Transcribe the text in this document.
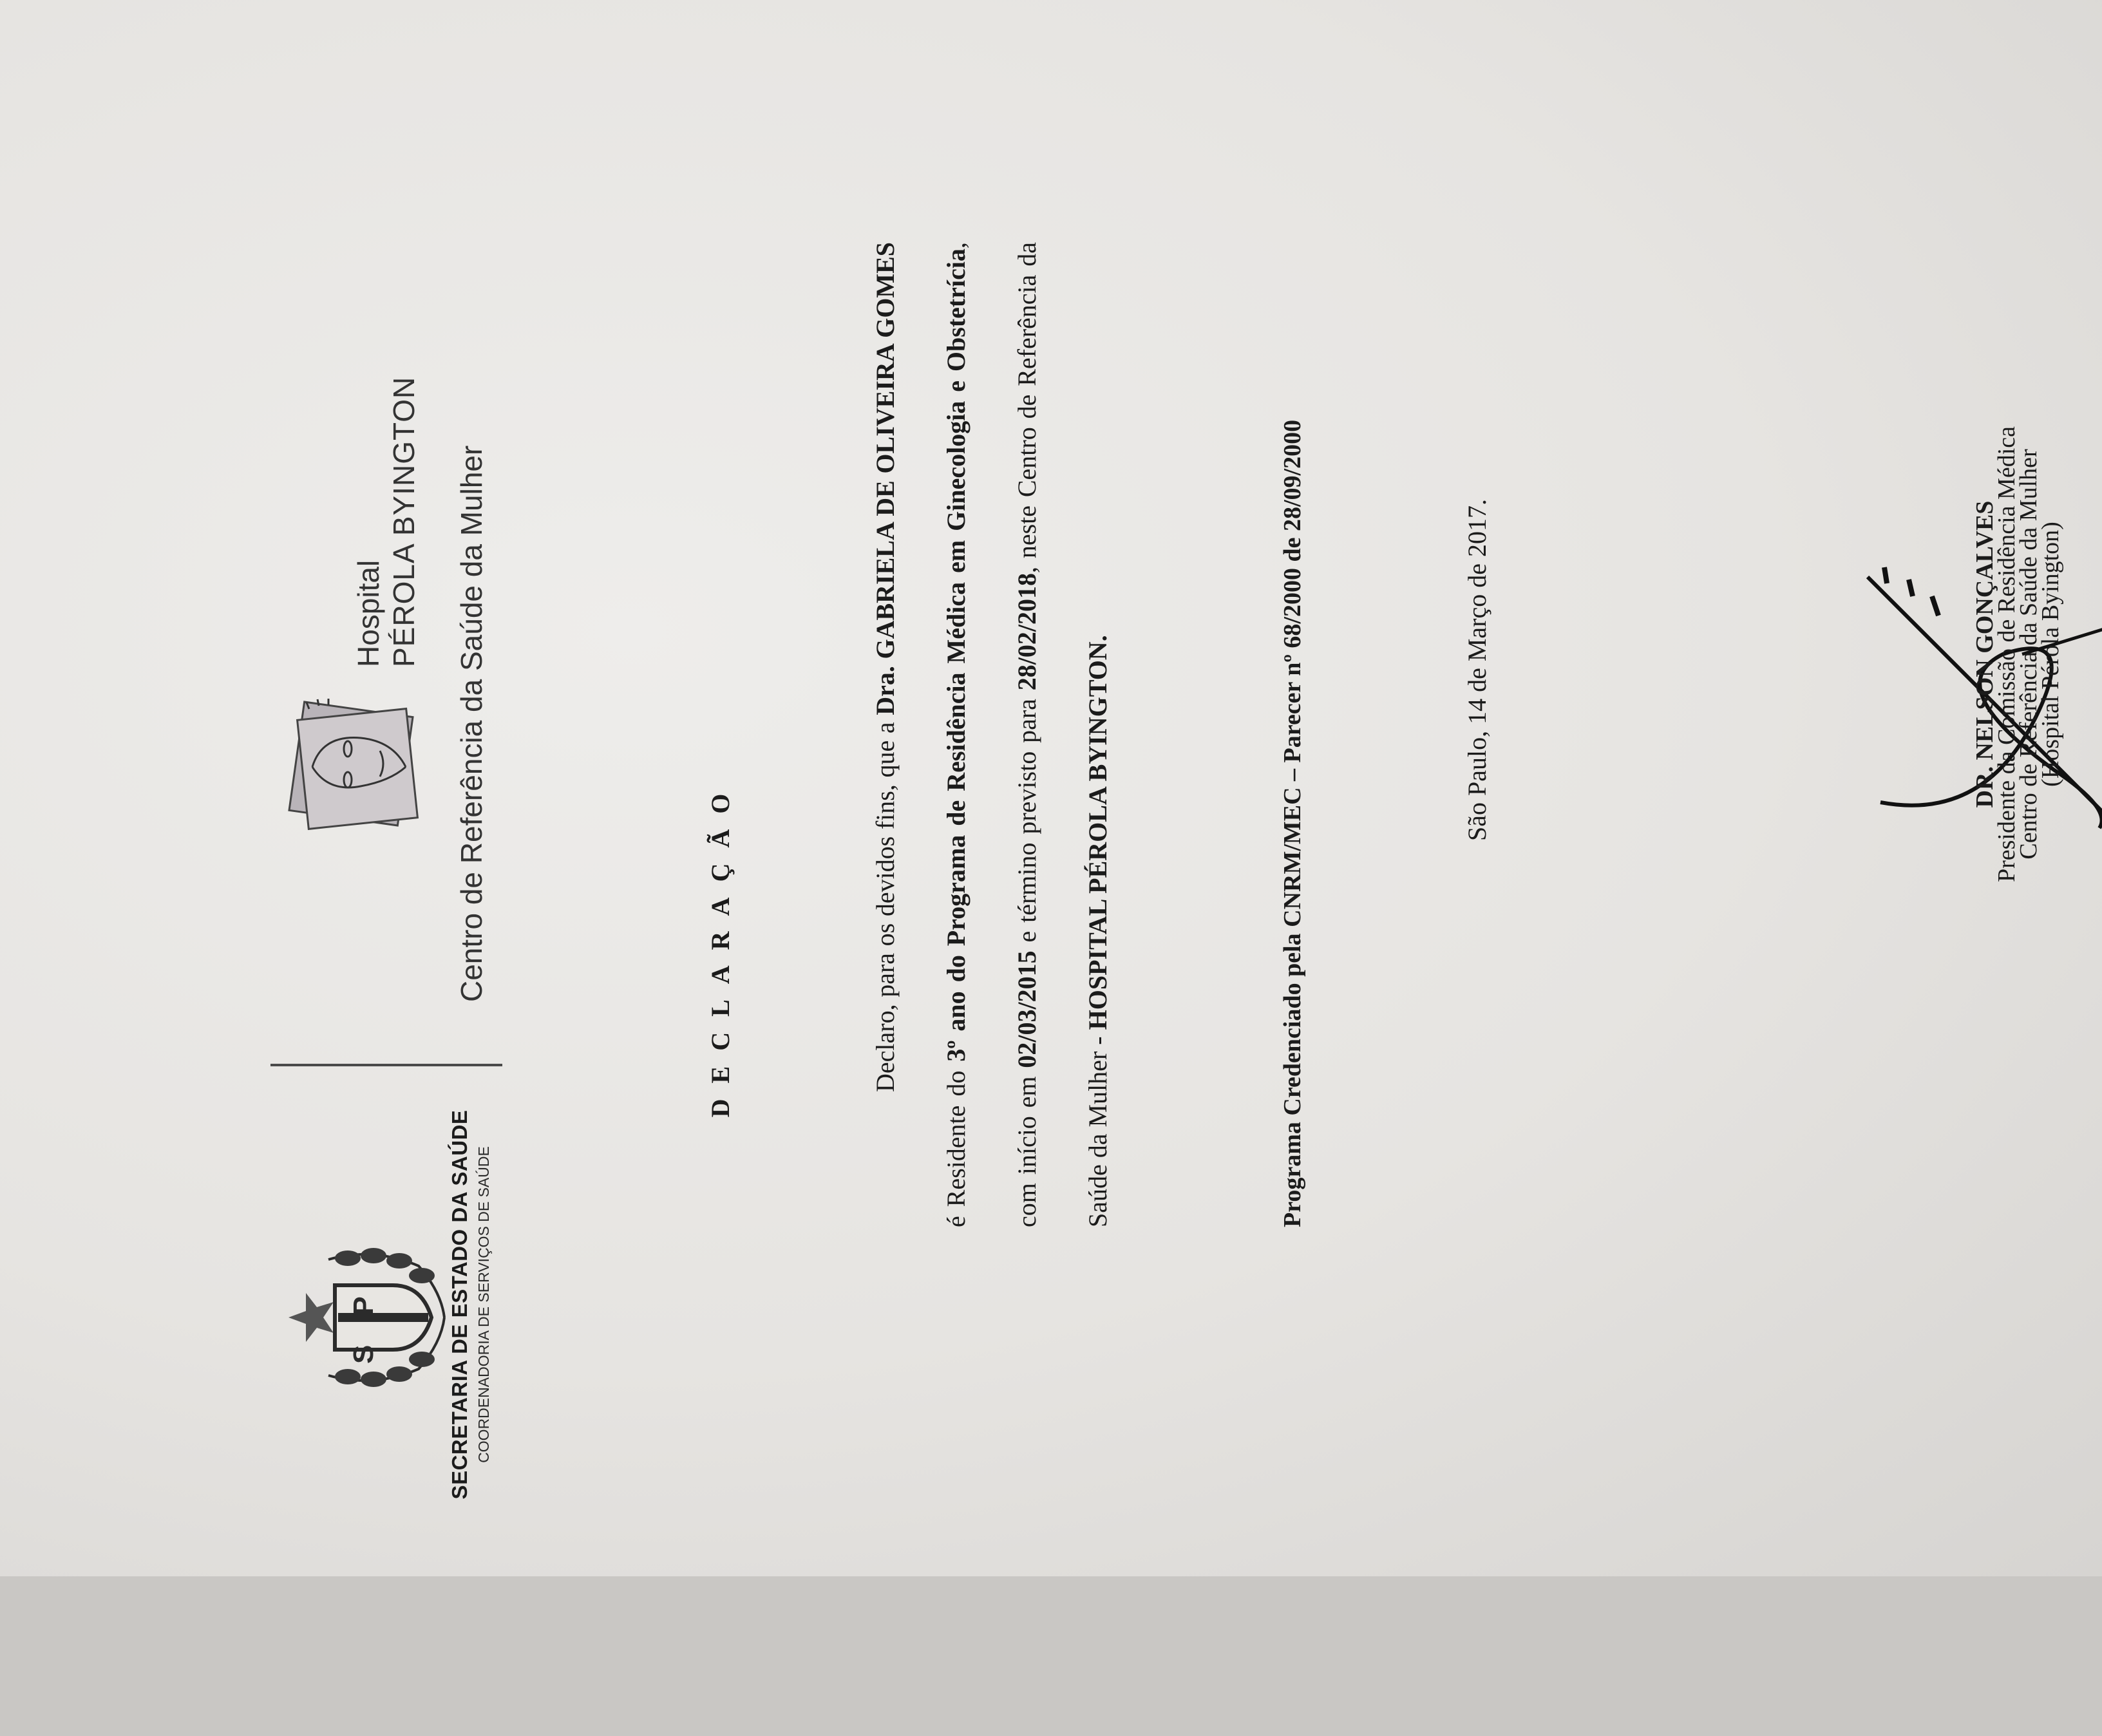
SP	SECRETARIA DE ESTADO DA SAÚDE COORDENADORIA DE SERVIÇOS DE SAÚDE
Hospital PÉROLA BYINGTON Centro de Referência da Saúde da Mulher	DECLARAÇÃO	Declaro, para os devidos fins, que a Dra. GABRIELA DE OLIVEIRA GOMES é Residente do 3º ano do Programa de Residência Médica em Ginecologia e Obstetrícia, com início em 02/03/2015 e término previsto para 28/02/2018, neste Centro de Referência da Saúde da Mulher - HOSPITAL PÉROLA BYINGTON.	Programa Credenciado pela CNRM/MEC – Parecer nº 68/2000 de 28/09/2000	São Paulo, 14 de Março de 2017.	DR. NELSON GONÇALVES
Presidente da Comissão de Residência Médica
Centro de Referência da Saúde da Mulher
(Hospital Pérola Byington)
